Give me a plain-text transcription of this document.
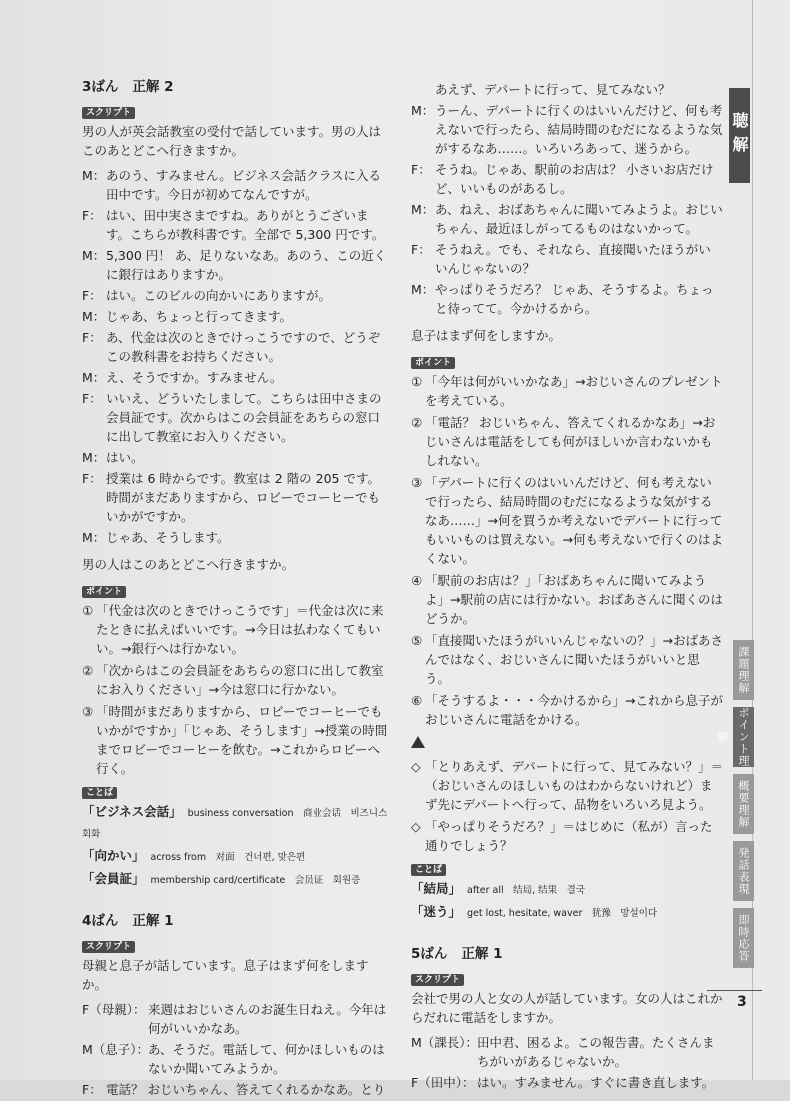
3ばん 正解 2
スクリプト

男の人が英会話教室の受付で話しています。男の人はこのあとどこへ行きますか。

M： あのう、すみません。ビジネス会話クラスに入る田中です。今日が初めてなんですが。
F： はい、田中実さまですね。ありがとうございます。こちらが教科書です。全部で 5,300 円です。
M： 5,300 円！ あ、足りないなあ。あのう、この近くに銀行はありますか。
F： はい。このビルの向かいにありますが。
M： じゃあ、ちょっと行ってきます。
F： あ、代金は次のときでけっこうですので、どうぞこの教科書をお持ちください。
M： え、そうですか。すみません。
F： いいえ、どういたしまして。こちらは田中さまの会員証です。次からはこの会員証をあちらの窓口に出して教室にお入りください。
M： はい。
F： 授業は 6 時からです。教室は 2 階の 205 です。時間がまだありますから、ロビーでコーヒーでもいかがですか。
M： じゃあ、そうします。

男の人はこのあとどこへ行きますか。

ポイント
① 「代金は次のときでけっこうです」＝代金は次に来たときに払えばいいです。→今日は払わなくてもいい。→銀行へは行かない。
② 「次からはこの会員証をあちらの窓口に出して教室にお入りください」→今は窓口に行かない。
③ 「時間がまだありますから、ロビーでコーヒーでもいかがですか」「じゃあ、そうします」→授業の時間までロビーでコーヒーを飲む。→これからロビーへ行く。
ことば
「ビジネス会話」 business conversation　商业会话　비즈니스회화
「向かい」 across from　对面　건너편, 맞은편
「会員証」 membership card/certificate　会员证　회원증
4ばん 正解 1
スクリプト

母親と息子が話しています。息子はまず何をしますか。

F（母親）： 来週はおじいさんのお誕生日ねえ。今年は何がいいかなあ。
M（息子）：
あ、そうだ。電話して、何かほしいものはないか聞いてみようか。
F： 電話？ おじいちゃん、答えてくれるかなあ。とり
あえず、デパートに行って、見てみない？
M： うーん、デパートに行くのはいいんだけど、何も考えないで行ったら、結局時間のむだになるような気がするなあ……。いろいろあって、迷うから。
F： そうね。じゃあ、駅前のお店は？ 小さいお店だけど、いいものがあるし。
M： あ、ねえ、おばあちゃんに聞いてみようよ。おじいちゃん、最近ほしがってるものはないかって。
F： そうねえ。でも、それなら、直接聞いたほうがいいんじゃないの？
M： やっぱりそうだろ？ じゃあ、そうするよ。ちょっと待ってて。今かけるから。

息子はまず何をしますか。

ポイント
① 「今年は何がいいかなあ」→おじいさんのプレゼントを考えている。
② 「電話？ おじいちゃん、答えてくれるかなあ」→おじいさんは電話をしても何がほしいか言わないかもしれない。
③ 「デパートに行くのはいいんだけど、何も考えないで行ったら、結局時間のむだになるような気がするなあ……」→何を買うか考えないでデパートに行ってもいいものは買えない。→何も考えないで行くのはよくない。
④ 「駅前のお店は？」「おばあちゃんに聞いてみようよ」→駅前の店には行かない。おばあさんに聞くのはどうか。
⑤ 「直接聞いたほうがいいんじゃないの？」→おばあさんではなく、おじいさんに聞いたほうがいいと思う。
⑥ 「そうするよ・・・今かけるから」→これから息子がおじいさんに電話をかける。
◇ 「とりあえず、デパートに行って、見てみない？」＝（おじいさんのほしいものはわからないけれど）まず先にデパートへ行って、品物をいろいろ見よう。
◇ 「やっぱりそうだろ？」＝はじめに（私が）言った通りでしょう？
ことば
「結局」 after all　结局, 结果　결국
「迷う」 get lost, hesitate, waver　犹豫　망설이다
5ばん 正解 1
スクリプト

会社で男の人と女の人が話しています。女の人はこれからだれに電話をしますか。

M（課長）：
田中君、困るよ。この報告書。たくさんまちがいがあるじゃないか。
F（田中）： はい。すみません。すぐに書き直します。
聴解
課題理解
ポイント理解
概要理解
発話表現
即時応答
3
